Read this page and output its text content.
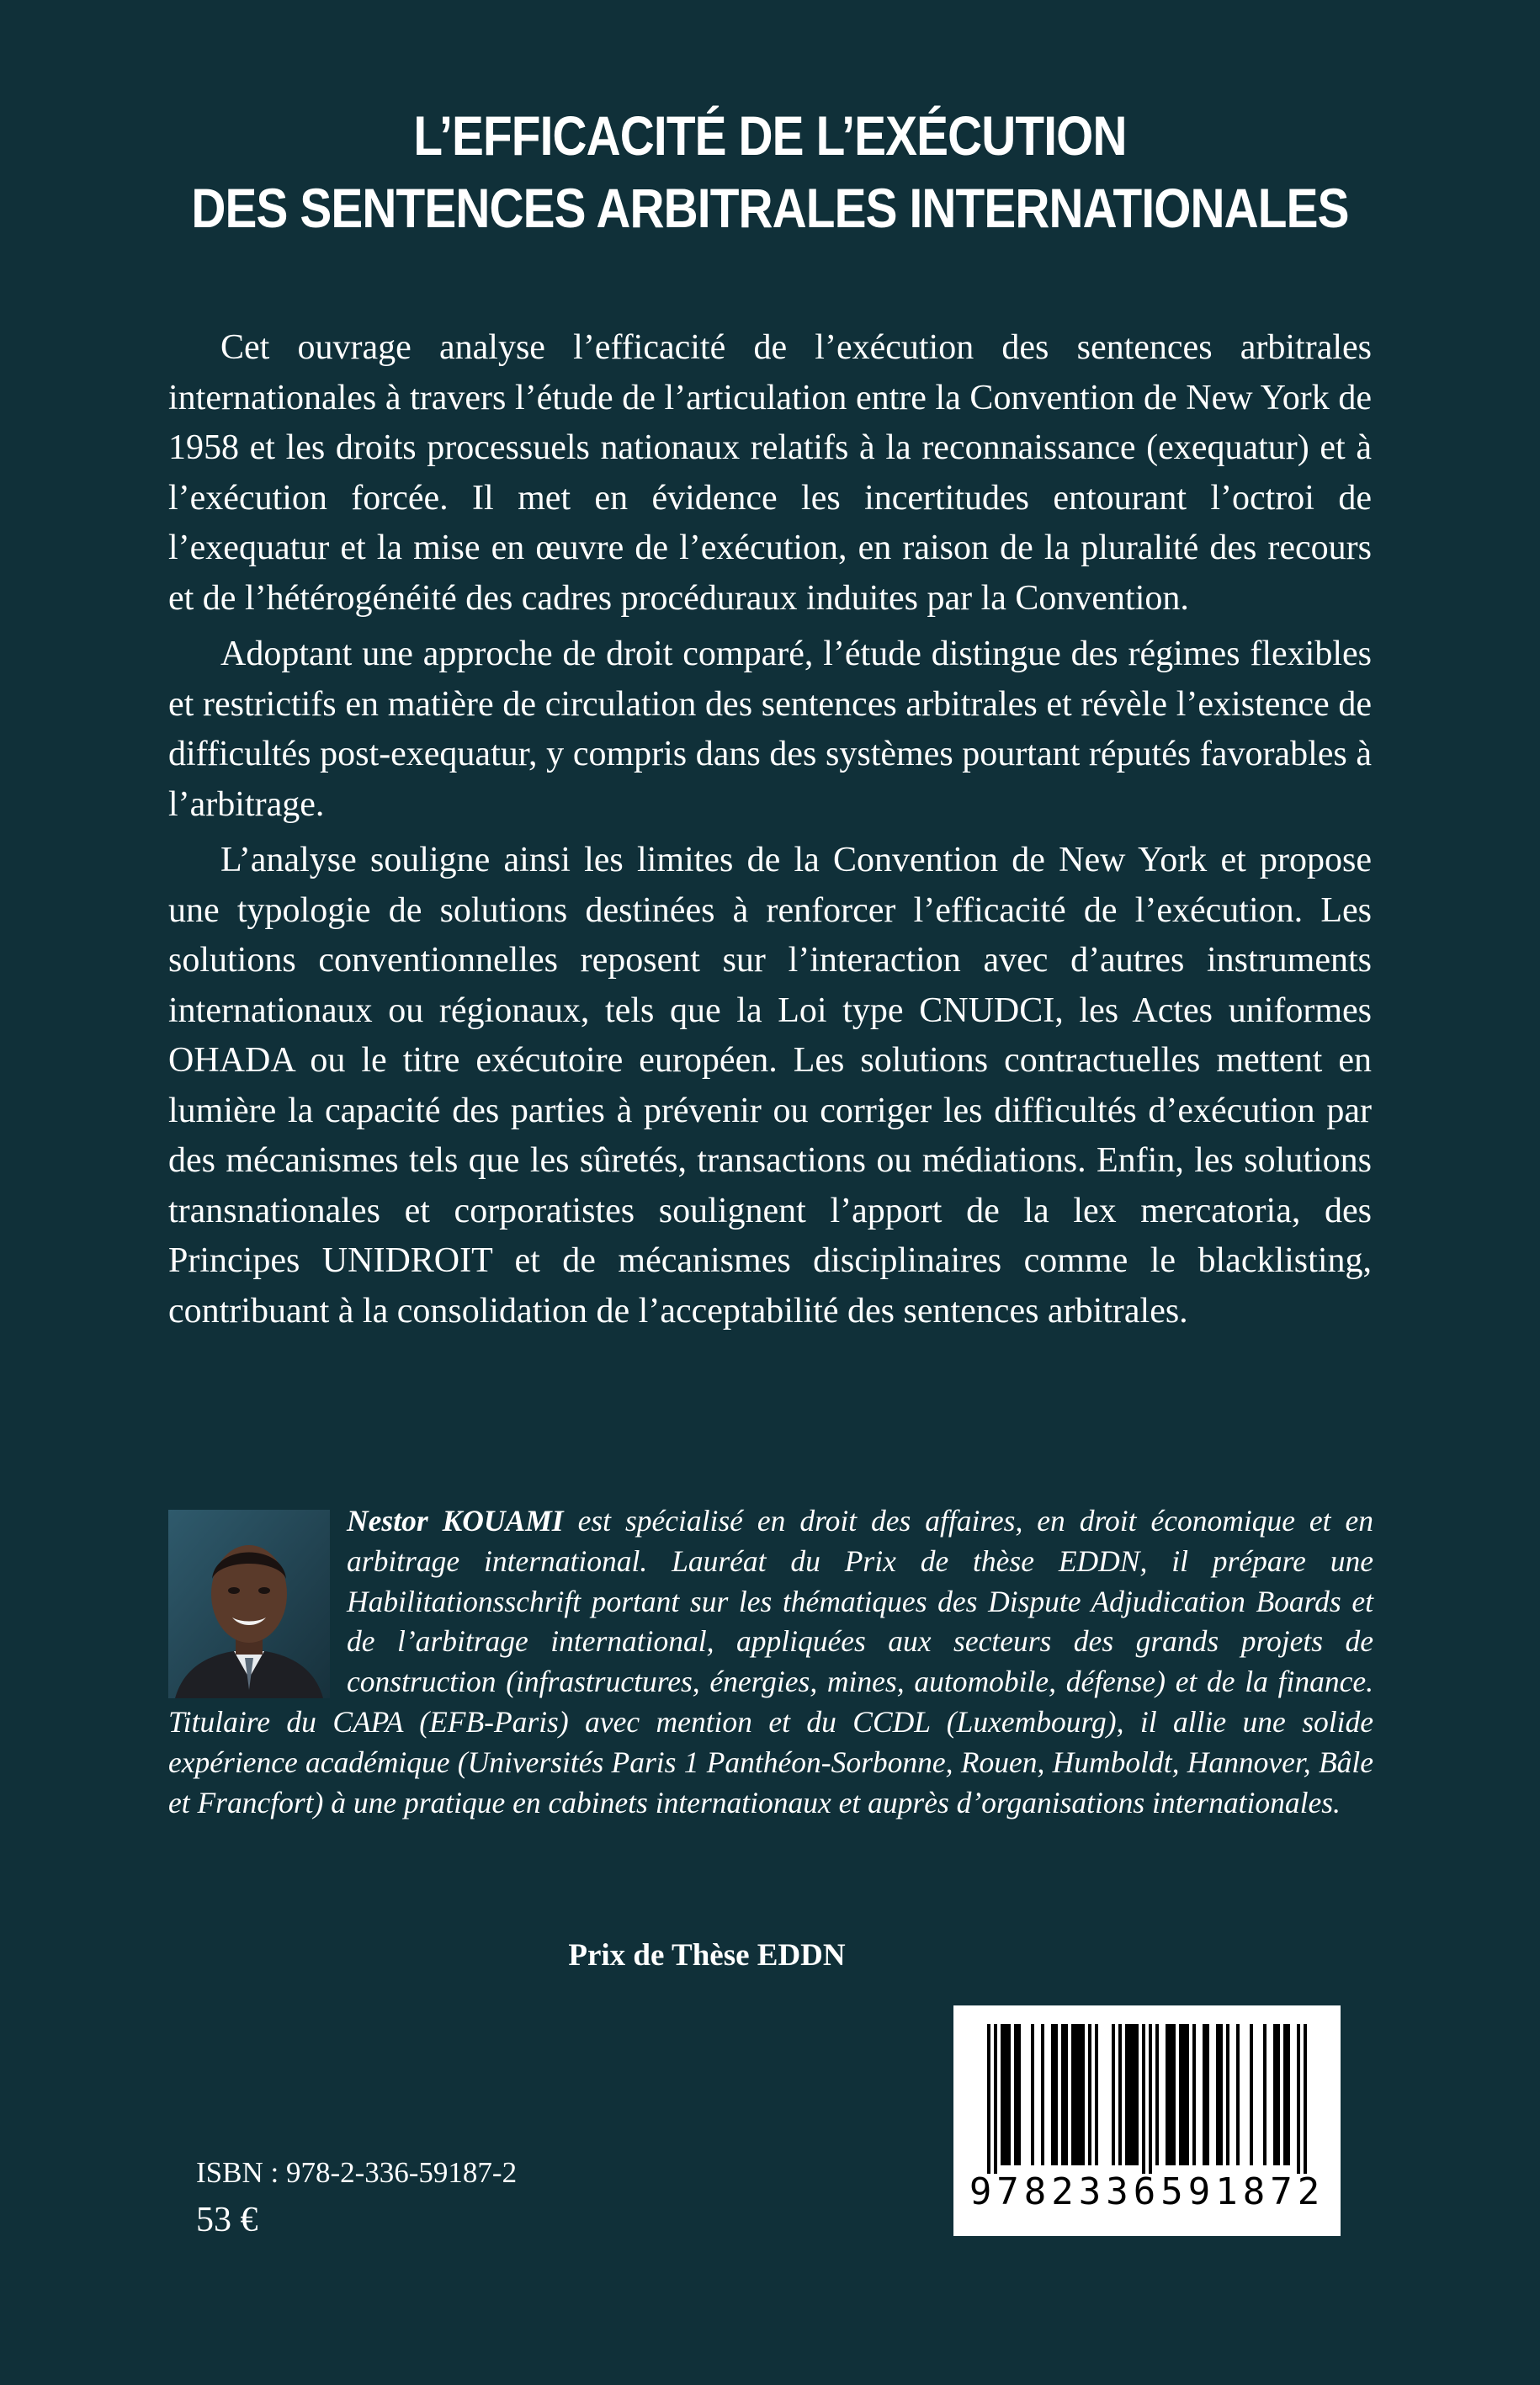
L’EFFICACITÉ DE L’EXÉCUTION
DES SENTENCES ARBITRALES INTERNATIONALES

Cet ouvrage analyse l’efficacité de l’exécution des sentences arbitrales internationales à travers l’étude de l’articulation entre la Convention de New York de 1958 et les droits processuels nationaux relatifs à la reconnaissance (exequatur) et à l’exécution forcée. Il met en évidence les incertitudes entourant l’octroi de l’exequatur et la mise en œuvre de l’exécution, en raison de la pluralité des recours et de l’hétérogénéité des cadres procéduraux induites par la Convention.

Adoptant une approche de droit comparé, l’étude distingue des régimes flexibles et restrictifs en matière de circulation des sentences arbitrales et révèle l’existence de difficultés post-exequatur, y compris dans des systèmes pourtant réputés favorables à l’arbitrage.

L’analyse souligne ainsi les limites de la Convention de New York et propose une typologie de solutions destinées à renforcer l’efficacité de l’exécution. Les solutions conventionnelles reposent sur l’interaction avec d’autres instruments internationaux ou régionaux, tels que la Loi type CNUDCI, les Actes uniformes OHADA ou le titre exécutoire européen. Les solutions contractuelles mettent en lumière la capacité des parties à prévenir ou corriger les difficultés d’exécution par des mécanismes tels que les sûretés, transactions ou médiations. Enfin, les solutions transnationales et corporatistes soulignent l’apport de la lex mercatoria, des Principes UNIDROIT et de mécanismes disciplinaires comme le blacklisting, contribuant à la consolidation de l’acceptabilité des sentences arbitrales.

Nestor KOUAMI est spécialisé en droit des affaires, en droit économique et en arbitrage international. Lauréat du Prix de thèse EDDN, il prépare une Habilitationsschrift portant sur les thématiques des Dispute Adjudication Boards et de l’arbitrage international, appliquées aux secteurs des grands projets de construction (infrastructures, énergies, mines, automobile, défense) et de la finance. Titulaire du CAPA (EFB-Paris) avec mention et du CCDL (Luxembourg), il allie une solide expérience académique (Universités Paris 1 Panthéon-Sorbonne, Rouen, Humboldt, Hannover, Bâle et Francfort) à une pratique en cabinets internationaux et auprès d’organisations internationales.
Prix de Thèse EDDN
ISBN : 978-2-336-59187-2
53 €
9782336591872
